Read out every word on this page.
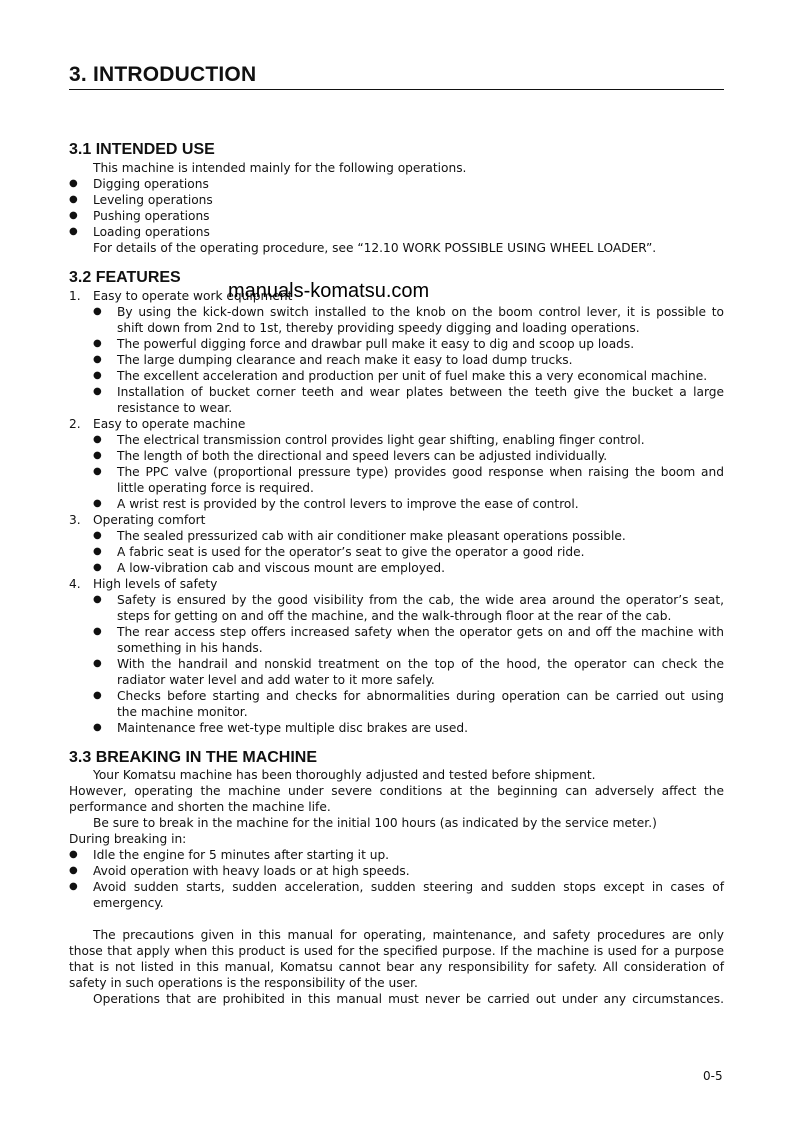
3. INTRODUCTION
3.1 INTENDED USE
This machine is intended mainly for the following operations.
● Digging operations
● Leveling operations
● Pushing operations
● Loading operations
For details of the operating procedure, see “12.10 WORK POSSIBLE USING WHEEL LOADER”.
3.2 FEATURES
1. Easy to operate work equipment
● By using the kick-down switch installed to the knob on the boom control lever, it is possible to
shift down from 2nd to 1st, thereby providing speedy digging and loading operations.
● The powerful digging force and drawbar pull make it easy to dig and scoop up loads.
● The large dumping clearance and reach make it easy to load dump trucks.
● The excellent acceleration and production per unit of fuel make this a very economical machine.
● Installation of bucket corner teeth and wear plates between the teeth give the bucket a large
resistance to wear.
2. Easy to operate machine
● The electrical transmission control provides light gear shifting, enabling finger control.
● The length of both the directional and speed levers can be adjusted individually.
● The PPC valve (proportional pressure type) provides good response when raising the boom and
little operating force is required.
● A wrist rest is provided by the control levers to improve the ease of control.
3. Operating comfort
● The sealed pressurized cab with air conditioner make pleasant operations possible.
● A fabric seat is used for the operator’s seat to give the operator a good ride.
● A low-vibration cab and viscous mount are employed.
4. High levels of safety
● Safety is ensured by the good visibility from the cab, the wide area around the operator’s seat,
steps for getting on and off the machine, and the walk-through floor at the rear of the cab.
● The rear access step offers increased safety when the operator gets on and off the machine with
something in his hands.
● With the handrail and nonskid treatment on the top of the hood, the operator can check the
radiator water level and add water to it more safely.
● Checks before starting and checks for abnormalities during operation can be carried out using
the machine monitor.
● Maintenance free wet-type multiple disc brakes are used.
3.3 BREAKING IN THE MACHINE
Your Komatsu machine has been thoroughly adjusted and tested before shipment.
However, operating the machine under severe conditions at the beginning can adversely affect the
performance and shorten the machine life.
Be sure to break in the machine for the initial 100 hours (as indicated by the service meter.)
During breaking in:
● Idle the engine for 5 minutes after starting it up.
● Avoid operation with heavy loads or at high speeds.
● Avoid sudden starts, sudden acceleration, sudden steering and sudden stops except in cases of
emergency.
The precautions given in this manual for operating, maintenance, and safety procedures are only
those that apply when this product is used for the specified purpose. If the machine is used for a purpose
that is not listed in this manual, Komatsu cannot bear any responsibility for safety. All consideration of
safety in such operations is the responsibility of the user.
Operations that are prohibited in this manual must never be carried out under any circumstances.
manuals-komatsu.com
0-5
